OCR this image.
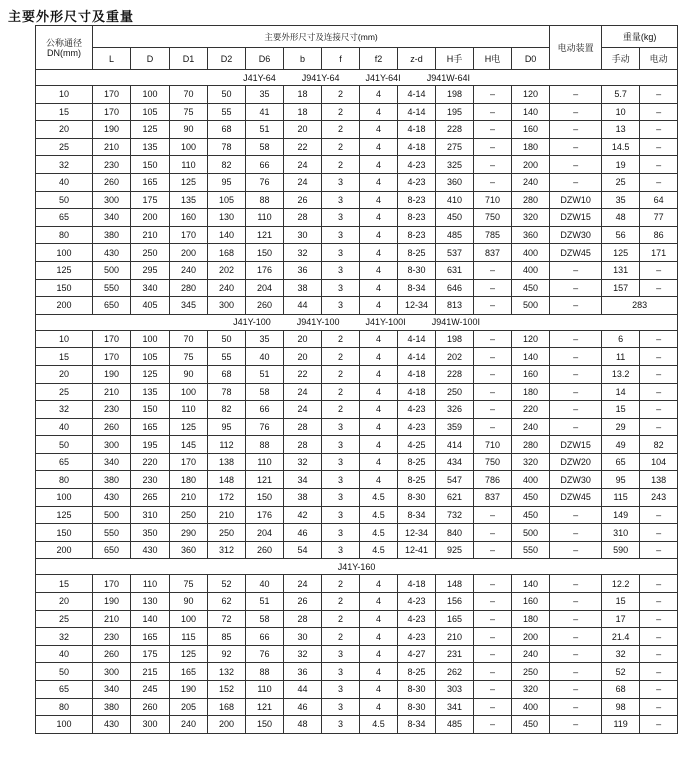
主要外形尺寸及重量
公称通径
DN(mm)	主要外形尺寸及连接尺寸(mm)												电动装置	重量(kg)	
	L	D	D1	D2	D6	b	f	f2	z-d	H手	H电	D0		手动	电动

J41Y-64 J941Y-64 J41Y-64I J941W-64I															

10	170	100	70	50	35	18	2	4	4-14	198	–	120	–	5.7	–
15	170	105	75	55	41	18	2	4	4-14	195	–	140	–	10	–
20	190	125	90	68	51	20	2	4	4-18	228	–	160	–	13	–
25	210	135	100	78	58	22	2	4	4-18	275	–	180	–	14.5	–
32	230	150	110	82	66	24	2	4	4-23	325	–	200	–	19	–
40	260	165	125	95	76	24	3	4	4-23	360	–	240	–	25	–
50	300	175	135	105	88	26	3	4	8-23	410	710	280	DZW10	35	64
65	340	200	160	130	110	28	3	4	8-23	450	750	320	DZW15	48	77
80	380	210	170	140	121	30	3	4	8-23	485	785	360	DZW30	56	86
100	430	250	200	168	150	32	3	4	8-25	537	837	400	DZW45	125	171
125	500	295	240	202	176	36	3	4	8-30	631	–	400	–	131	–
150	550	340	280	240	204	38	3	4	8-34	646	–	450	–	157	–
200	650	405	345	300	260	44	3	4	12-34	813	–	500	–	283	

J41Y-100 J941Y-100 J41Y-100I J941W-100I															

10	170	100	70	50	35	20	2	4	4-14	198	–	120	–	6	–
15	170	105	75	55	40	20	2	4	4-14	202	–	140	–	11	–
20	190	125	90	68	51	22	2	4	4-18	228	–	160	–	13.2	–
25	210	135	100	78	58	24	2	4	4-18	250	–	180	–	14	–
32	230	150	110	82	66	24	2	4	4-23	326	–	220	–	15	–
40	260	165	125	95	76	28	3	4	4-23	359	–	240	–	29	–
50	300	195	145	112	88	28	3	4	4-25	414	710	280	DZW15	49	82
65	340	220	170	138	110	32	3	4	8-25	434	750	320	DZW20	65	104
80	380	230	180	148	121	34	3	4	8-25	547	786	400	DZW30	95	138
100	430	265	210	172	150	38	3	4.5	8-30	621	837	450	DZW45	115	243
125	500	310	250	210	176	42	3	4.5	8-34	732	–	450	–	149	–
150	550	350	290	250	204	46	3	4.5	12-34	840	–	500	–	310	–
200	650	430	360	312	260	54	3	4.5	12-41	925	–	550	–	590	–

J41Y-160															

15	170	110	75	52	40	24	2	4	4-18	148	–	140	–	12.2	–
20	190	130	90	62	51	26	2	4	4-23	156	–	160	–	15	–
25	210	140	100	72	58	28	2	4	4-23	165	–	180	–	17	–
32	230	165	115	85	66	30	2	4	4-23	210	–	200	–	21.4	–
40	260	175	125	92	76	32	3	4	4-27	231	–	240	–	32	–
50	300	215	165	132	88	36	3	4	8-25	262	–	250	–	52	–
65	340	245	190	152	110	44	3	4	8-30	303	–	320	–	68	–
80	380	260	205	168	121	46	3	4	8-30	341	–	400	–	98	–
100	430	300	240	200	150	48	3	4.5	8-34	485	–	450	–	119	–
